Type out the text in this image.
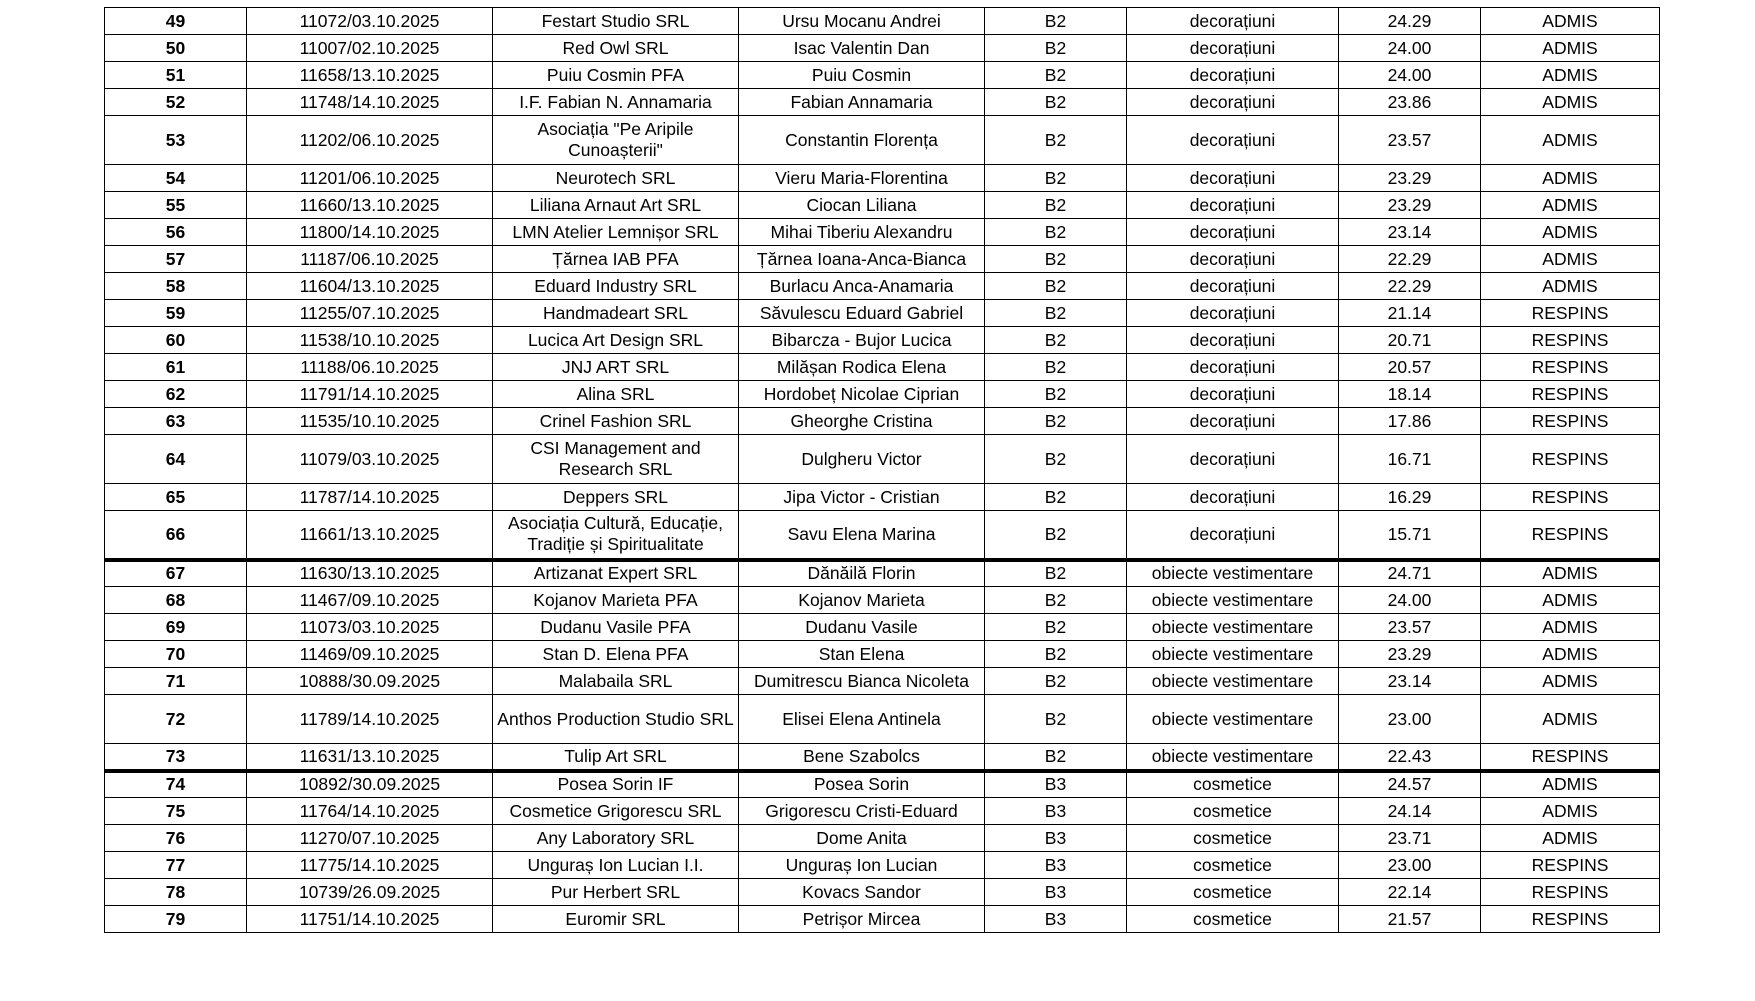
49	11072/03.10.2025	Festart Studio SRL	Ursu Mocanu Andrei	B2	decorațiuni	24.29	ADMIS
50	11007/02.10.2025	Red Owl SRL	Isac Valentin Dan	B2	decorațiuni	24.00	ADMIS
51	11658/13.10.2025	Puiu Cosmin PFA	Puiu Cosmin	B2	decorațiuni	24.00	ADMIS
52	11748/14.10.2025	I.F. Fabian N. Annamaria	Fabian Annamaria	B2	decorațiuni	23.86	ADMIS
53	11202/06.10.2025	Asociația "Pe Aripile Cunoașterii"	Constantin Florența	B2	decorațiuni	23.57	ADMIS
54	11201/06.10.2025	Neurotech SRL	Vieru Maria-Florentina	B2	decorațiuni	23.29	ADMIS
55	11660/13.10.2025	Liliana Arnaut Art SRL	Ciocan Liliana	B2	decorațiuni	23.29	ADMIS
56	11800/14.10.2025	LMN Atelier Lemnișor SRL	Mihai Tiberiu Alexandru	B2	decorațiuni	23.14	ADMIS
57	11187/06.10.2025	Țărnea IAB PFA	Țărnea Ioana-Anca-Bianca	B2	decorațiuni	22.29	ADMIS
58	11604/13.10.2025	Eduard Industry SRL	Burlacu Anca-Anamaria	B2	decorațiuni	22.29	ADMIS
59	11255/07.10.2025	Handmadeart SRL	Săvulescu Eduard Gabriel	B2	decorațiuni	21.14	RESPINS
60	11538/10.10.2025	Lucica Art Design SRL	Bibarcza - Bujor Lucica	B2	decorațiuni	20.71	RESPINS
61	11188/06.10.2025	JNJ ART SRL	Milășan Rodica Elena	B2	decorațiuni	20.57	RESPINS
62	11791/14.10.2025	Alina SRL	Hordobeț Nicolae Ciprian	B2	decorațiuni	18.14	RESPINS
63	11535/10.10.2025	Crinel Fashion SRL	Gheorghe Cristina	B2	decorațiuni	17.86	RESPINS
64	11079/03.10.2025	CSI Management and Research SRL	Dulgheru Victor	B2	decorațiuni	16.71	RESPINS
65	11787/14.10.2025	Deppers SRL	Jipa Victor - Cristian	B2	decorațiuni	16.29	RESPINS
66	11661/13.10.2025	Asociația Cultură, Educație, Tradiție și Spiritualitate	Savu Elena Marina	B2	decorațiuni	15.71	RESPINS
67	11630/13.10.2025	Artizanat Expert SRL	Dănăilă Florin	B2	obiecte vestimentare	24.71	ADMIS
68	11467/09.10.2025	Kojanov Marieta PFA	Kojanov Marieta	B2	obiecte vestimentare	24.00	ADMIS
69	11073/03.10.2025	Dudanu Vasile PFA	Dudanu Vasile	B2	obiecte vestimentare	23.57	ADMIS
70	11469/09.10.2025	Stan D. Elena PFA	Stan Elena	B2	obiecte vestimentare	23.29	ADMIS
71	10888/30.09.2025	Malabaila SRL	Dumitrescu Bianca Nicoleta	B2	obiecte vestimentare	23.14	ADMIS
72	11789/14.10.2025	Anthos Production Studio SRL	Elisei Elena Antinela	B2	obiecte vestimentare	23.00	ADMIS
73	11631/13.10.2025	Tulip Art SRL	Bene Szabolcs	B2	obiecte vestimentare	22.43	RESPINS
74	10892/30.09.2025	Posea Sorin IF	Posea Sorin	B3	cosmetice	24.57	ADMIS
75	11764/14.10.2025	Cosmetice Grigorescu SRL	Grigorescu Cristi-Eduard	B3	cosmetice	24.14	ADMIS
76	11270/07.10.2025	Any Laboratory SRL	Dome Anita	B3	cosmetice	23.71	ADMIS
77	11775/14.10.2025	Unguraș Ion Lucian I.I.	Unguraș Ion Lucian	B3	cosmetice	23.00	RESPINS
78	10739/26.09.2025	Pur Herbert SRL	Kovacs Sandor	B3	cosmetice	22.14	RESPINS
79	11751/14.10.2025	Euromir SRL	Petrișor Mircea	B3	cosmetice	21.57	RESPINS
